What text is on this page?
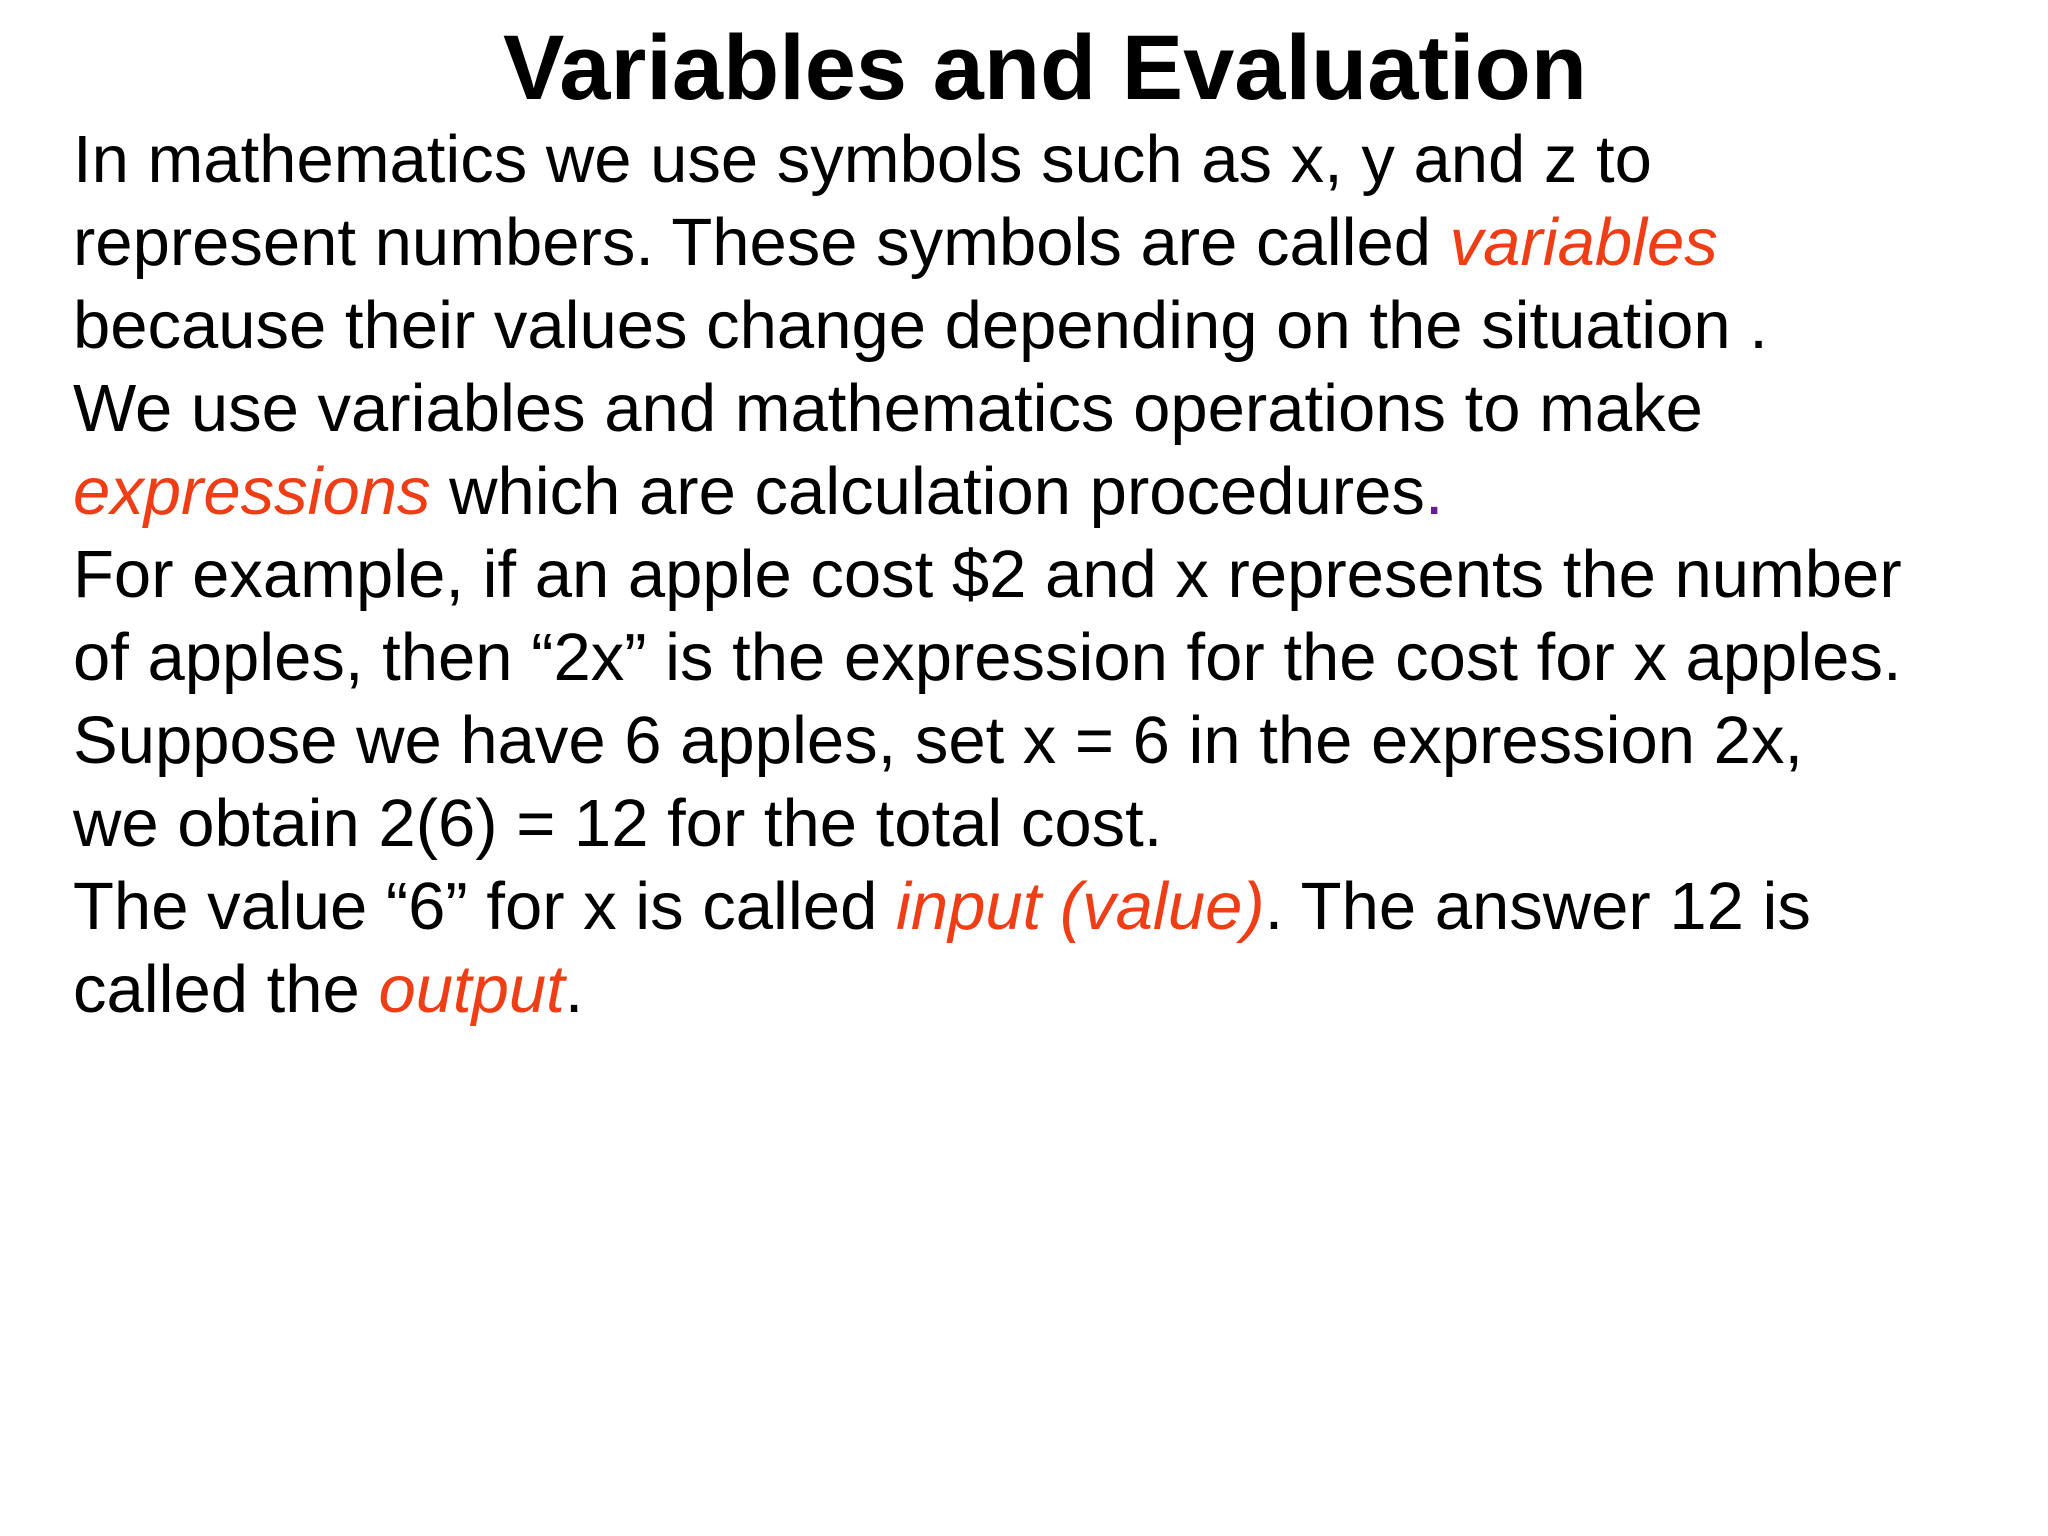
Variables and Evaluation
In mathematics we use symbols such as x, y and z to
represent numbers. These symbols are called variables
because their values change depending on the situation .
We use variables and mathematics operations to make
expressions which are calculation procedures.
For example, if an apple cost $2 and x represents the number
of apples, then “2x” is the expression for the cost for x apples.
Suppose we have 6 apples, set x = 6 in the expression 2x,
we obtain 2(6) = 12 for the total cost.
The value “6” for x is called input (value). The answer 12 is
called the output.
